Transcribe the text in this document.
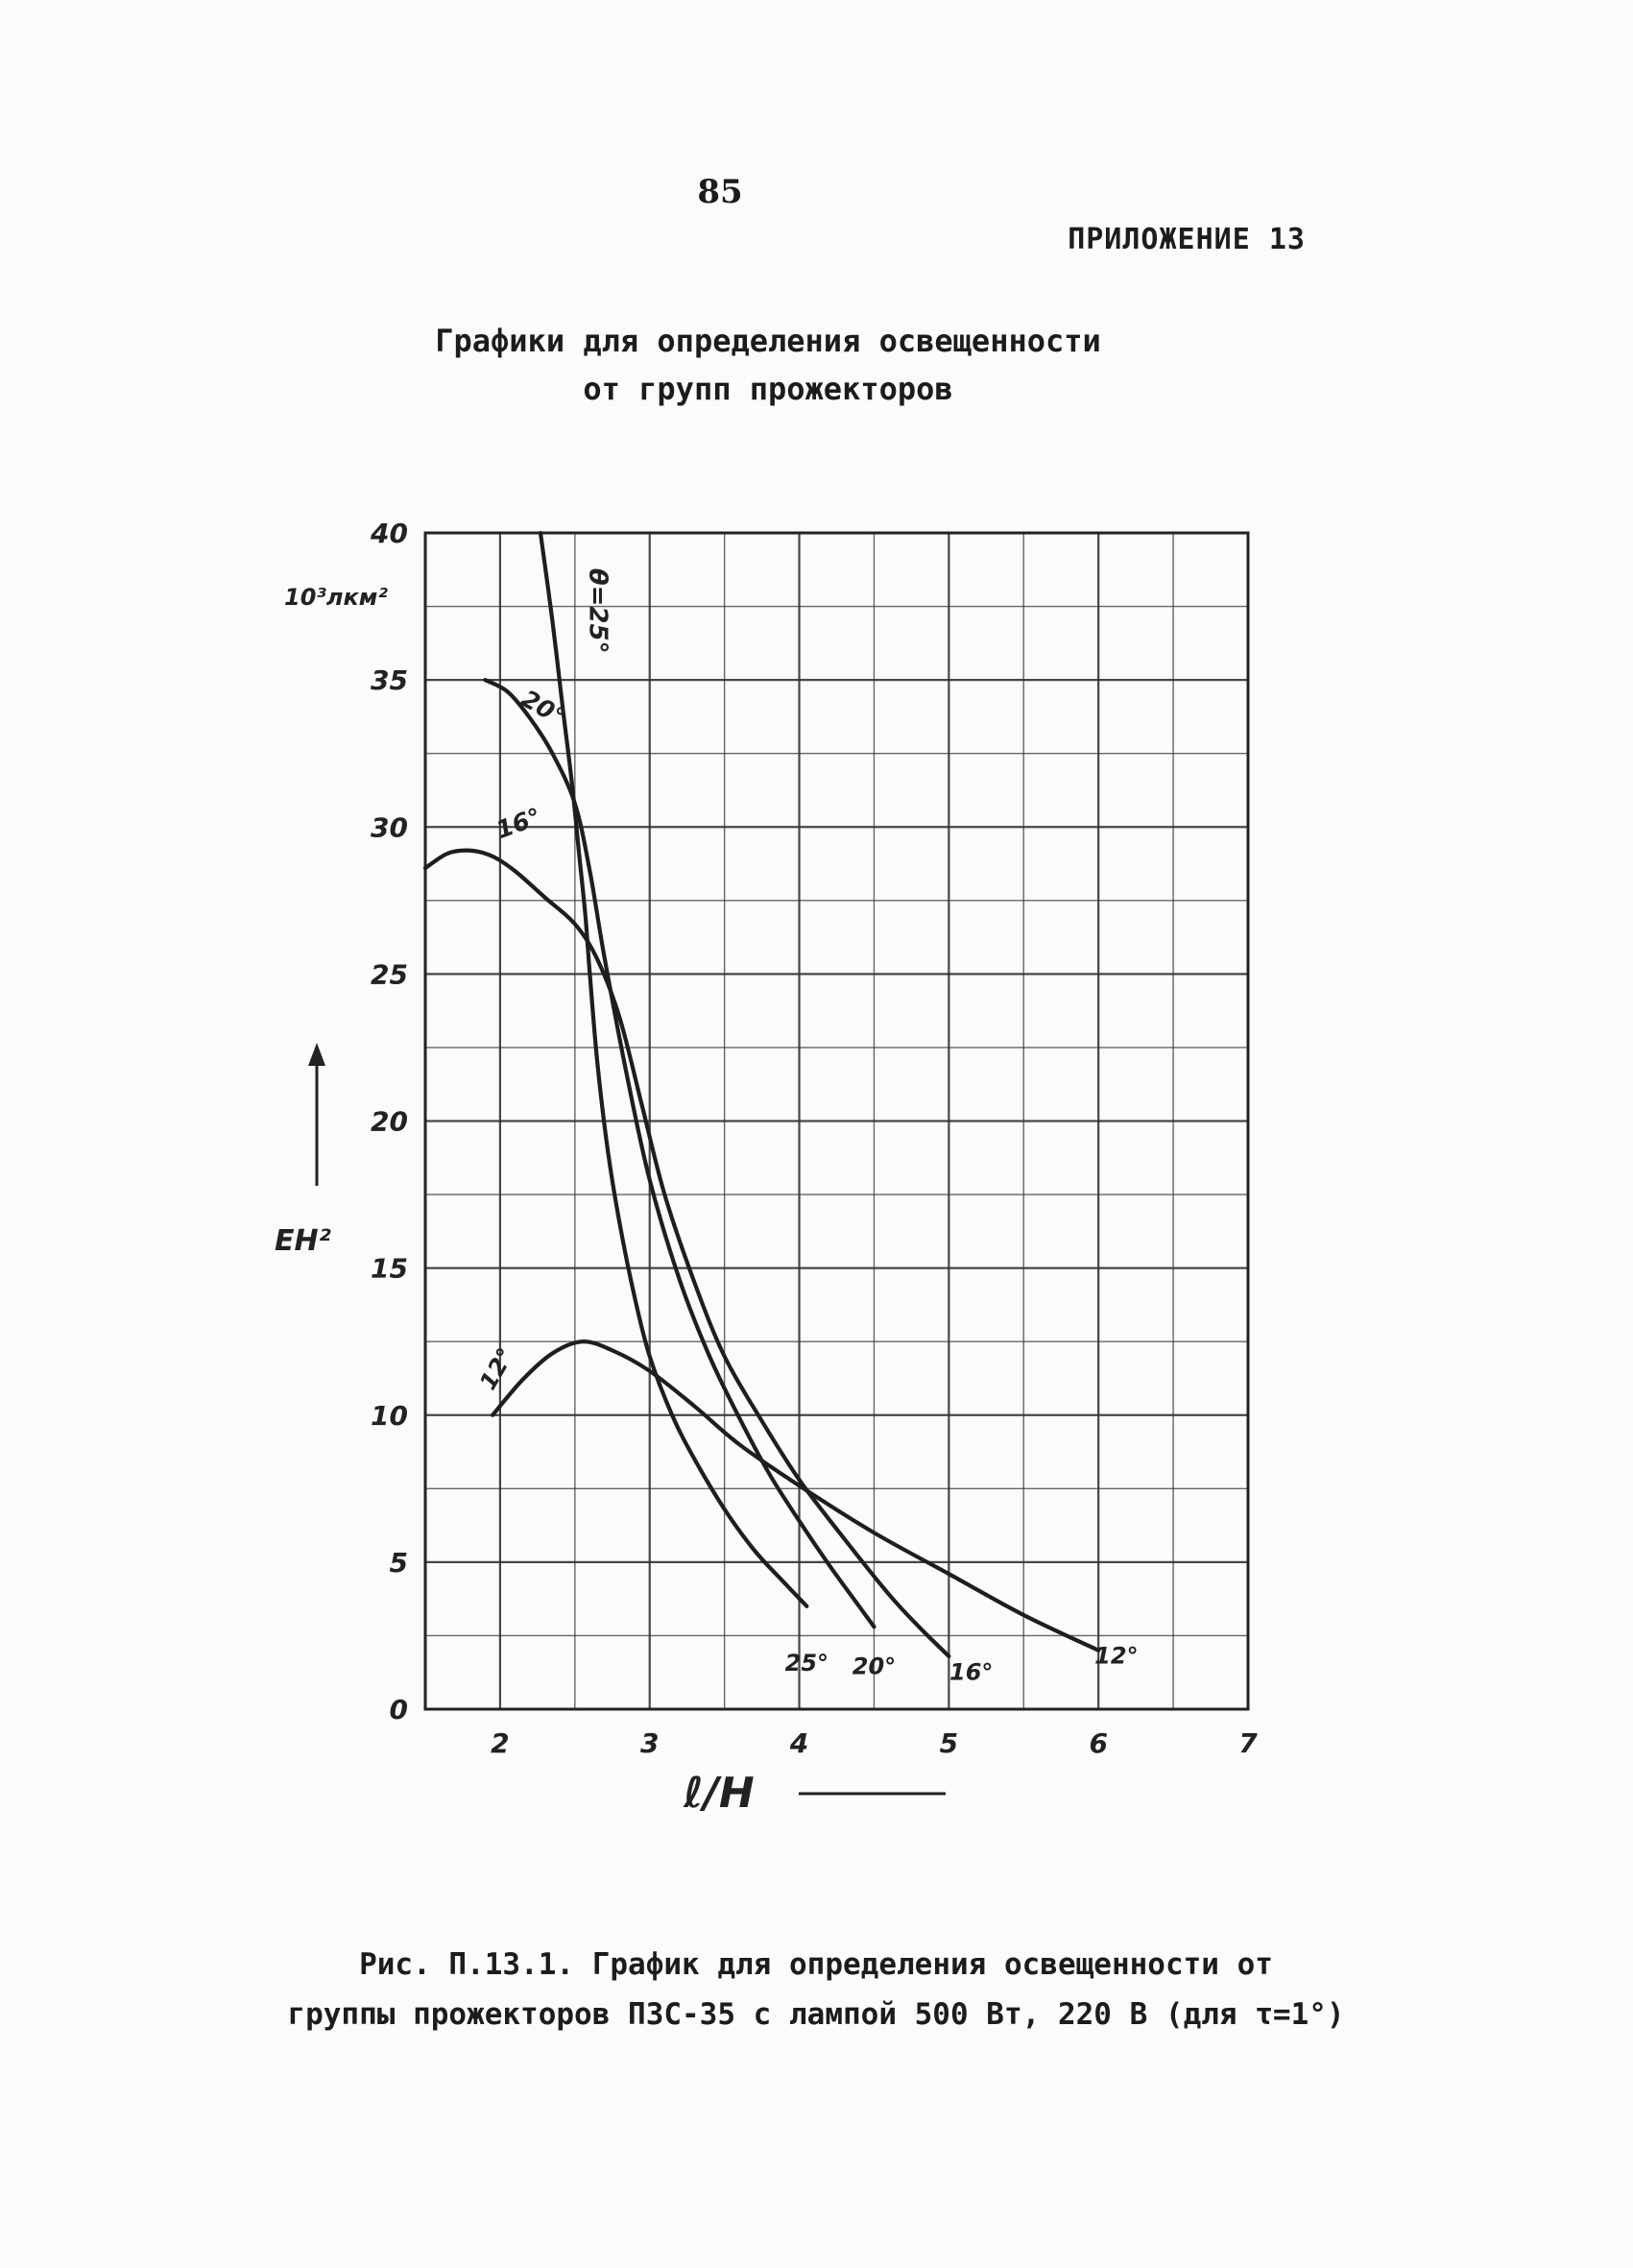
85
ПРИЛОЖЕНИЕ 13
Графики для определения освещенности
от групп прожекторов
2	3	4	5	6	7
0
5
10
15
20
25
30
35
40
θ=25°
20°
16°
12°
25° 20° 16°
12°
10³лкм²
EH²
ℓ/H
Рис. П.13.1. График для определения освещенности от
группы прожекторов ПЗС-35 с лампой 500 Вт, 220 В (для τ=1°)
